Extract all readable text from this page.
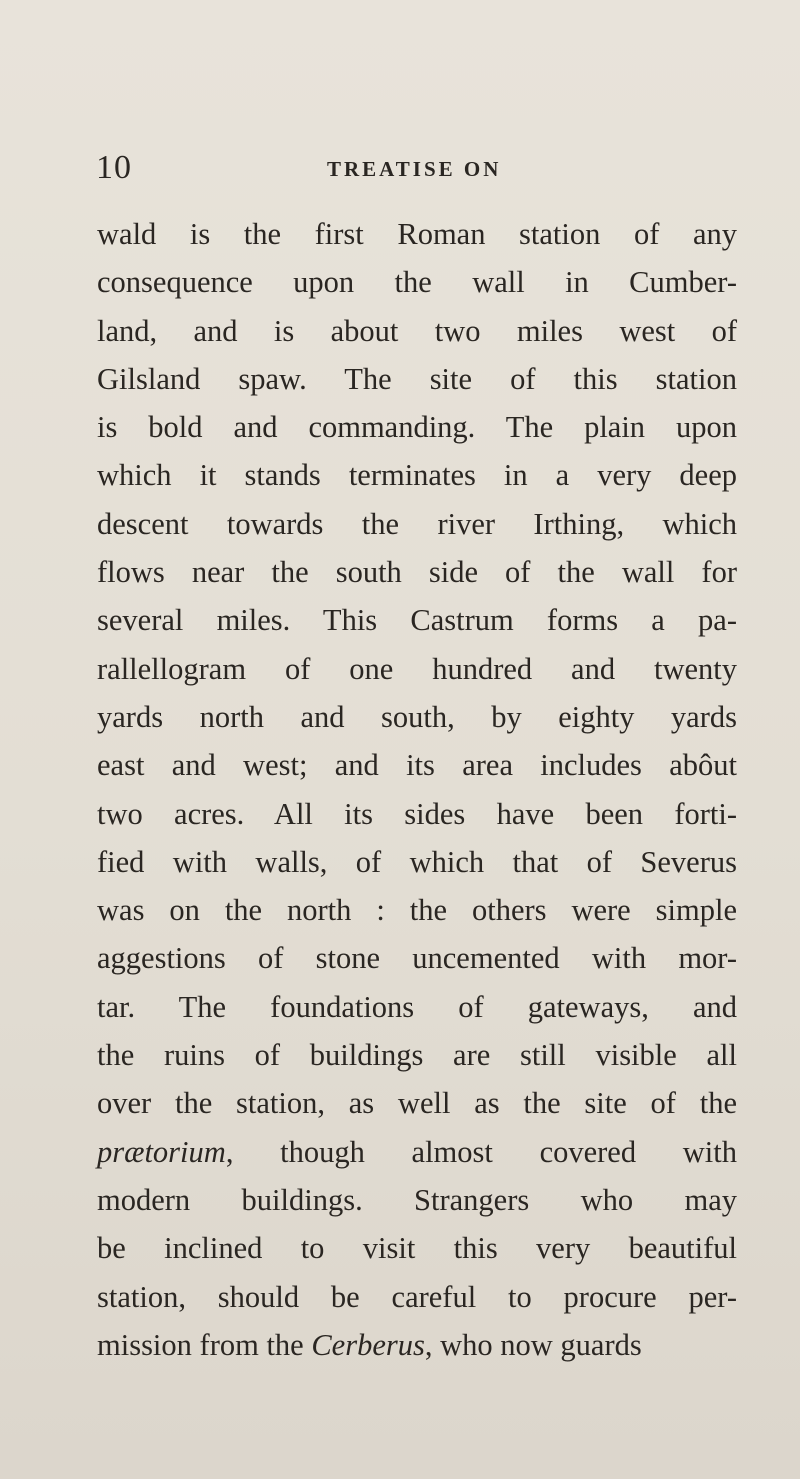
10	TREATISE ON
wald is the first Roman station of any
consequence upon the wall in Cumber-
land, and is about two miles west of
Gilsland spaw. The site of this station
is bold and commanding. The plain upon
which it stands terminates in a very deep
descent towards the river Irthing, which
flows near the south side of the wall for
several miles. This Castrum forms a pa-
rallellogram of one hundred and twenty
yards north and south, by eighty yards
east and west; and its area includes abôut
two acres. All its sides have been forti-
fied with walls, of which that of Severus
was on the north : the others were simple
aggestions of stone uncemented with mor-
tar. The foundations of gateways, and
the ruins of buildings are still visible all
over the station, as well as the site of the
prætorium, though almost covered with
modern buildings. Strangers who may
be inclined to visit this very beautiful
station, should be careful to procure per-
mission from the Cerberus, who now guards
